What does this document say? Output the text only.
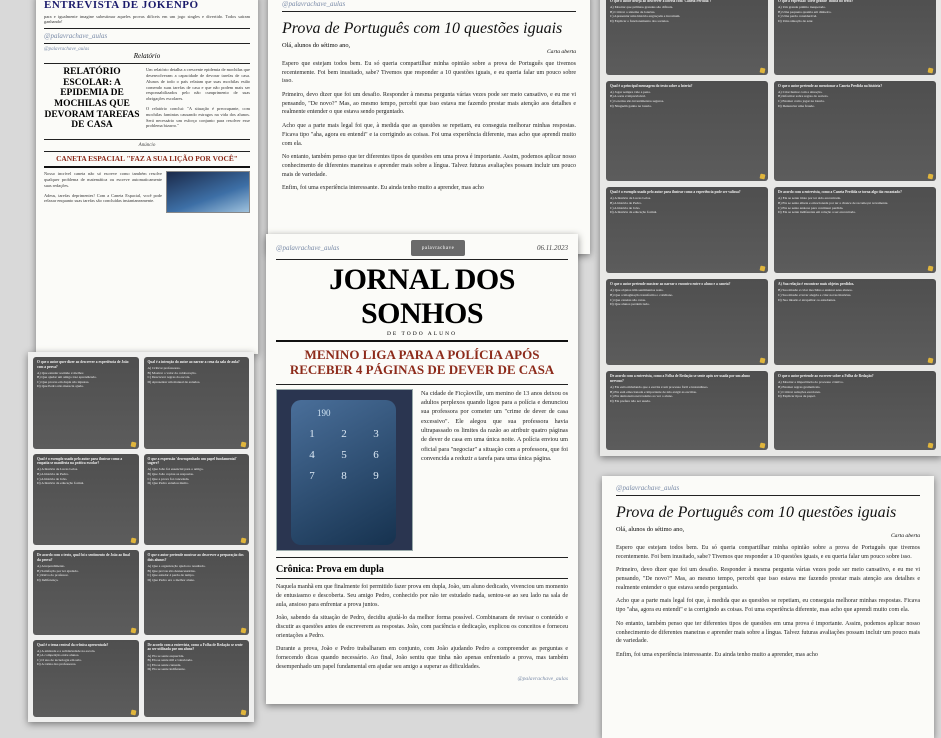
ENTREVISTA DE JOKENPÔ
para e igualmente imagine subestimar aqueles provas difíceis em um jogo singles e divertido. Todos saíram ganhando!
@palavrachave_aulas
@palavrachave_aulas
Relatório
RELATÓRIO ESCOLAR: A EPIDEMIA DE MOCHILAS QUE DEVORAM TAREFAS DE CASA
Um relatório detalha a crescente epidemia de mochilas que desenvolveram a capacidade de devorar tarefas de casa. Alunos de todo o país relatam que suas mochilas estão comendo suas tarefas de casa e que não podem mais ser responsabilizados pelo não cumprimento de suas obrigações escolares.
O relatório conclui: "A situação é preocupante, com mochilas famintas causando estragos na vida dos alunos. Será necessário um esforço conjunto para resolver esse problema bizarro."
Anúncio
CANETA ESPACIAL "FAZ A SUA LIÇÃO POR VOCÊ"
Nosso incrível caneta não só escreve como também resolve qualquer problema de matemática ou escreve automaticamente suas redações.
Adeus, tarefas deprimentes! Com a Caneta Espacial, você pode relaxar enquanto suas tarefas são concluídas instantaneamente.
@palavrachave_aulas
Prova de Português com 10 questões iguais
Olá, alunos do sétimo ano,
Carta aberta

Espero que estejam todos bem. Eu só queria compartilhar minha opinião sobre a prova de Português que tivemos recentemente. Foi bem inusitado, sabe? Tivemos que responder a 10 questões iguais, e eu queria falar um pouco sobre isso.

Primeiro, devo dizer que foi um desafio. Responder à mesma pergunta várias vezes pode ser meio cansativo, e eu me vi pensando, "De novo?" Mas, ao mesmo tempo, percebi que isso estava me fazendo prestar mais atenção aos detalhes e realmente entender o que estava sendo perguntado.

Acho que a parte mais legal foi que, à medida que as questões se repetiam, eu conseguia melhorar minhas respostas. Ficava tipo "aha, agora eu entendi" e ia corrigindo as coisas. Foi uma experiência diferente, mas acho que aprendi muito com ela.

No entanto, também penso que ter diferentes tipos de questões em uma prova é importante. Assim, podemos aplicar nosso conhecimento de diferentes maneiras e aprender mais sobre a língua. Talvez futuras avaliações possam incluir um pouco mais de variedade.

Enfim, foi uma experiência interessante. Eu ainda tenho muito a aprender, mas acho

@palavrachave_aulas
Prova de Português com 10 questões iguais
Olá, alunos do sétimo ano,
Carta aberta

Espero que estejam todos bem. Eu só queria compartilhar minha opinião sobre a prova de Português que tivemos recentemente. Foi bem inusitado, sabe? Tivemos que responder a 10 questões iguais, e eu queria falar um pouco sobre isso.

Primeiro, devo dizer que foi um desafio. Responder à mesma pergunta várias vezes pode ser meio cansativo, e eu me vi pensando, "De novo?" Mas, ao mesmo tempo, percebi que isso estava me fazendo prestar mais atenção aos detalhes e realmente entender o que estava sendo perguntado.

Acho que a parte mais legal foi que, à medida que as questões se repetiam, eu conseguia melhorar minhas respostas. Ficava tipo "aha, agora eu entendi" e ia corrigindo as coisas. Foi uma experiência diferente, mas acho que aprendi muito com ela.

No entanto, também penso que ter diferentes tipos de questões em uma prova é importante. Assim, podemos aplicar nosso conhecimento de diferentes maneiras e aprender mais sobre a língua. Talvez futuras avaliações possam incluir um pouco mais de variedade.

Enfim, foi uma experiência interessante. Eu ainda tenho muito a aprender, mas acho

@palavrachave_aulas	palavrachave	06.11.2023
JORNAL DOS SONHOS
DE TODO ALUNO
MENINO LIGA PARA A POLÍCIA APÓS RECEBER 4 PÁGINAS DE DEVER DE CASA
190
1	2	3
4	5	6
7	8	9
Na cidade de Ficçãoville, um menino de 13 anos deixou os adultos perplexos quando ligou para a polícia e denunciou sua professora por cometer um "crime de dever de casa excessivo". Ele alegou que sua professora havia ultrapassado os limites da razão ao atribuir quatro páginas de dever de casa em uma única noite. A polícia enviou um oficial para "negociar" a situação com a professora, que foi convencida a reduzir a tarefa para uma única página.
Crônica: Prova em dupla

Naquela manhã em que finalmente foi permitido fazer prova em dupla, João, um aluno dedicado, vivenciou um momento de entusiasmo e descoberta. Seu amigo Pedro, conhecido por não ter estudado nada, sentou-se ao seu lado na sala de aula, ansioso para enfrentar a prova juntos.

João, sabendo da situação de Pedro, decidiu ajudá-lo da melhor forma possível. Combinaram de revisar o conteúdo e discutir as questões antes de escreverem as respostas. João, com paciência e dedicação, explicou os conceitos e forneceu orientações a Pedro.

Durante a prova, João e Pedro trabalharam em conjunto, com João ajudando Pedro a compreender as perguntas e fornecendo dicas quando necessário. Ao final, João sentiu que tinha não apenas enfrentado a prova, mas também desempenhado um papel fundamental em ajudar seu amigo a superar as dificuldades.

@palavrachave_aulas
O que o autor deseja ao descrever a loteria com 'Caneta Perdida'?
A) Mostrar que prêmios grandes são difíceis.
B) Criticar o sistema de loterias.
C) Apresentar uma história engraçada e incomum.
D) Explicar o funcionamento dos sorteios.
Qual é a principal mensagem do texto sobre a loteria?
A) Jogar sempre vale a pena.
B) A sorte é imprevisível.
C) Loterias são investimentos seguros.
D) Ninguém ganha na loteria.
Qual é o exemplo usado pelo autor para ilustrar como a experiência pode ser valiosa?
A) A história de Lucas Lelos.
B) A história de Pedro.
C) A história de João.
D) A história da educação formal.
O que o autor pretende mostrar ao narrar o encontro entre o aluno e a caneta?
A) Que objetos têm sentimentos reais.
B) Que a imaginação transforma o cotidiano.
C) Que canetas são caras.
D) Que alunos perdem tudo.
De acordo com a entrevista, como a Folha de Redação se sente após ser usada por um aluno nervoso?
A) Ela está embalando que a escrita é um processo fácil e instantâneo.
B) Ela está emocionada e importante de não exigir as escritas.
C) Ela demonstra nervosismo ao ver o aluno.
D) Ela prefere não ser usada.
O que a expressão 'sorte grande' indica no texto?
A) Um grande prêmio inesperado.
B) Uma pequena quantia em dinheiro.
C) Uma perda considerável.
D) Uma situação de azar.
O que o autor pretende ao mencionar a Caneta Perdida na história?
A) Criar humor com a situação.
B) Informar sobre regras do sorteio.
C) Ensinar como jogar na loteria.
D) Denunciar uma fraude.
De acordo com a entrevista, como a Caneta Perdida se torna algo tão encantado?
A) Ela se sente triste por ter sido encontrada.
B) Ela se sente alheia e emocionada por ter a chance de recomeçar novamente.
C) Ela se sente ansiosa para continuar perdida.
D) Ela se sente indiferente em relação a ser encontrada.
A) Sua relação é encontrar mais objetos perdidos.
B) Sua missão é criar mochilas e ensinar seus alunos.
C) Sua missão é levar alegria e criar novas histórias.
D) Sua missão é atrapalhar os estudantes.
O que o autor pretende ao escrever sobre a Folha de Redação?
A) Mostrar a importância do processo criativo.
B) Ensinar regras gramaticais.
C) Criticar redações escolares.
D) Explicar tipos de papel.
O que o autor quer dizer ao descrever a experiência de João com a prova?
A) Que estudar sozinho é melhor.
B) Que ajudar um amigo traz aprendizado.
C) Que provas em dupla são injustas.
D) Que Pedro não merecia ajuda.
Qual é o exemplo usado pelo autor para ilustrar como a empatia se manifesta na prática escolar?
A) A história de Lucas Lelos.
B) A história de Pedro.
C) A história de João.
D) A história da educação formal.
De acordo com o texto, qual foi o sentimento de João ao final da prova?
A) Arrependimento.
B) Satisfação por ter ajudado.
C) Raiva do professor.
D) Indiferença.
Qual é o tema central da crônica apresentada?
A) A amizade e a solidariedade na escola.
B) A competição entre alunos.
C) O uso de tecnologia em sala.
D) A rotina dos professores.
Qual é a intenção do autor ao narrar a cena da sala de aula?
A) Criticar professores.
B) Mostrar o valor da colaboração.
C) Descrever regras da escola.
D) Apresentar um manual de estudos.
O que a expressão 'desempenhado um papel fundamental' sugere?
A) Que João foi essencial para o amigo.
B) Que João copiou as respostas.
C) Que a prova foi cancelada.
D) Que Pedro estudou muito.
O que o autor pretende mostrar ao descrever a preparação dos dois alunos?
A) Que a organização ajuda no resultado.
B) Que provas são desnecessárias.
C) Que estudar é perda de tempo.
D) Que Pedro era o melhor aluno.
De acordo com a entrevista, como a Folha de Redação se sente ao ser utilizada por um aluno?
A) Ela se sente esquecida.
B) Ela se sente útil e valorizada.
C) Ela se sente cansada.
D) Ela se sente indiferente.
